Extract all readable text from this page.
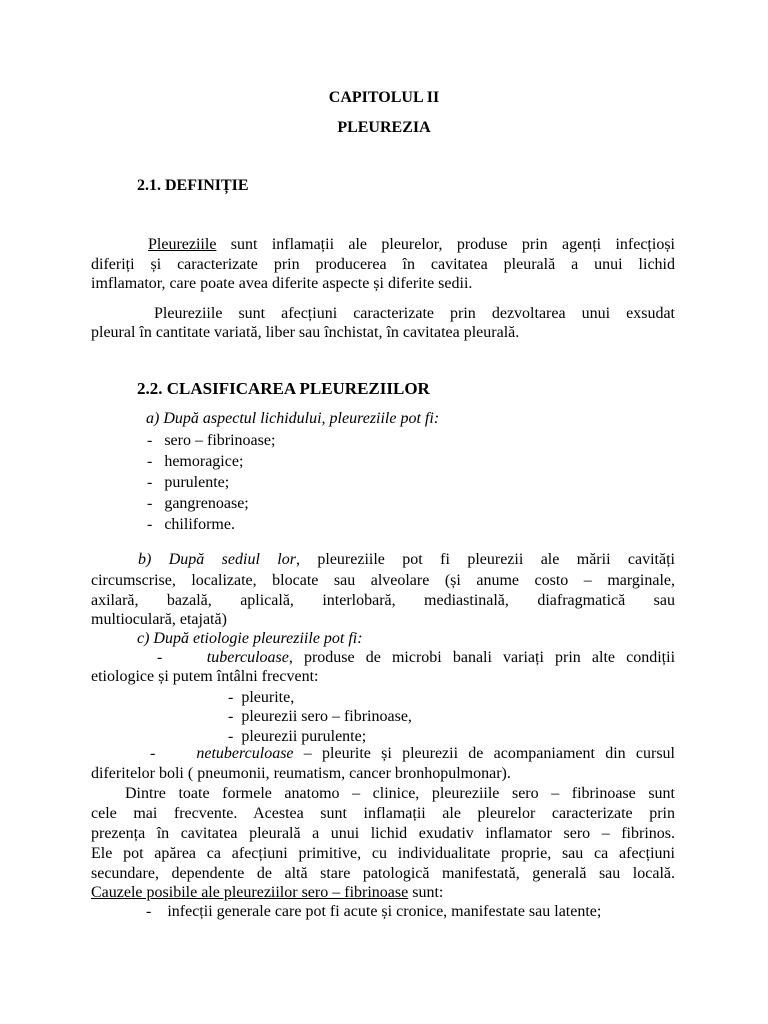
CAPITOLUL II
PLEUREZIA
2.1. DEFINIȚIE
Pleureziile sunt inflamații ale pleurelor, produse prin agenți infecțioși
diferiți și caracterizate prin producerea în cavitatea pleurală a unui lichid
imflamator, care poate avea diferite aspecte și diferite sedii.
Pleureziile sunt afecțiuni caracterizate prin dezvoltarea unui exsudat
pleural în cantitate variată, liber sau închistat, în cavitatea pleurală.
2.2. CLASIFICAREA PLEUREZIILOR
a) După aspectul lichidului, pleureziile pot fi:
-   sero – fibrinoase;
-   hemoragice;
-   purulente;
-   gangrenoase;
-   chiliforme.
b) După sediul lor, pleureziile pot fi pleurezii ale mării cavități
circumscrise, localizate, blocate sau alveolare (și anume costo – marginale,
axilară, bazală, aplicală, interlobară, mediastinală, diafragmatică sau
multioculară, etajată)
c) După etiologie pleureziile pot fi:
-    tuberculoase, produse de microbi banali variați prin alte condiții
etiologice și putem întâlni frecvent:
-  pleurite,
-  pleurezii sero – fibrinoase,
-  pleurezii purulente;
-    netuberculoase – pleurite și pleurezii de acompaniament din cursul
diferitelor boli ( pneumonii, reumatism, cancer bronhopulmonar).
Dintre toate formele anatomo – clinice, pleureziile sero – fibrinoase sunt
cele mai frecvente. Acestea sunt inflamații ale pleurelor caracterizate prin
prezența în cavitatea pleurală a unui lichid exudativ inflamator sero – fibrinos.
Ele pot apărea ca afecțiuni primitive, cu individualitate proprie, sau ca afecțiuni
secundare, dependente de altă stare patologică manifestată, generală sau locală.
Cauzele posibile ale pleureziilor sero – fibrinoase sunt:
-    infecții generale care pot fi acute și cronice, manifestate sau latente;
